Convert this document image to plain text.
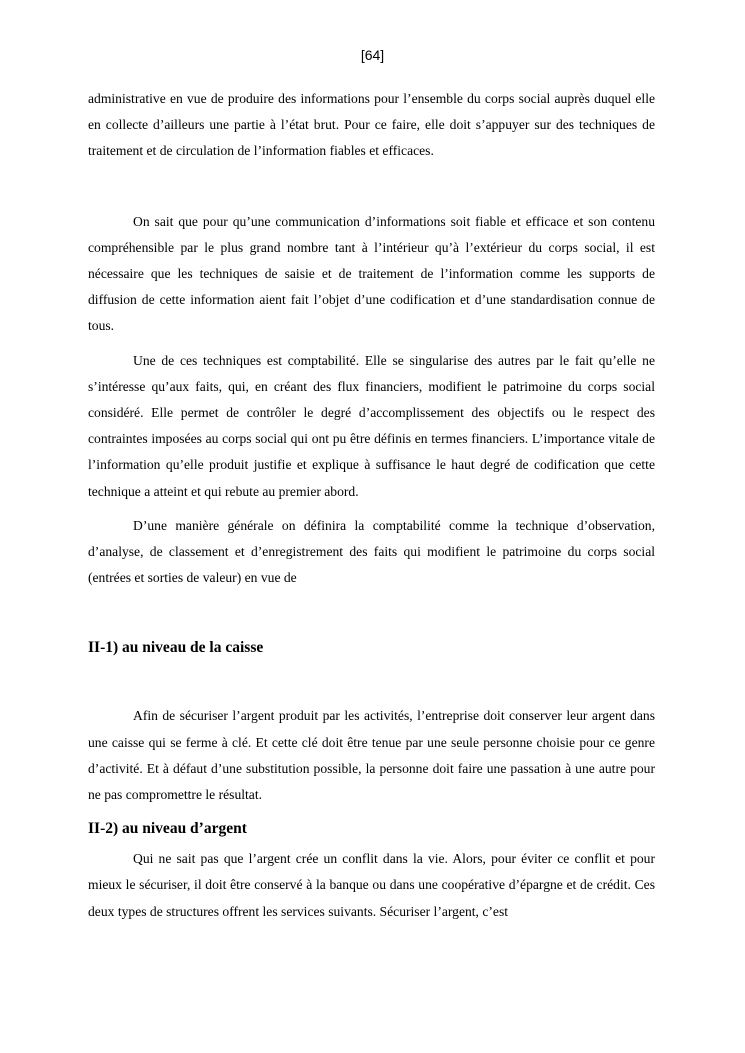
[64]

administrative en vue de produire des informations pour l’ensemble du corps social auprès duquel elle en collecte d’ailleurs une partie à l’état brut. Pour ce faire, elle doit s’appuyer sur des techniques de traitement et de circulation de l’information fiables et efficaces.

On sait que pour qu’une communication d’informations soit fiable et efficace et son contenu compréhensible par le plus grand nombre tant à l’intérieur qu’à l’extérieur du corps social, il est nécessaire que les techniques de saisie et de traitement de l’information comme les supports de diffusion de cette information aient fait l’objet d’une codification et d’une standardisation connue de tous.

Une de ces techniques est comptabilité. Elle se singularise des autres par le fait qu’elle ne s’intéresse qu’aux faits, qui, en créant des flux financiers, modifient le patrimoine du corps social considéré. Elle permet de contrôler le degré d’accomplissement des objectifs ou le respect des contraintes imposées au corps social qui ont pu être définis en termes financiers. L’importance vitale de l’information qu’elle produit justifie et explique à suffisance le haut degré de codification que cette technique a atteint et qui rebute au premier abord.

D’une manière générale on définira la comptabilité comme la technique d’observation, d’analyse, de classement et d’enregistrement des faits qui modifient le patrimoine du corps social (entrées et sorties de valeur) en vue de

II-1) au niveau de la caisse

Afin de sécuriser l’argent produit par les activités, l’entreprise doit conserver leur argent dans une caisse qui se ferme à clé. Et cette clé doit être tenue par une seule personne choisie pour ce genre d’activité. Et à défaut d’une substitution possible, la personne doit faire une passation à une autre pour ne pas compromettre le résultat.

II-2) au niveau d’argent

Qui ne sait pas que l’argent crée un conflit dans la vie. Alors, pour éviter ce conflit et pour mieux le sécuriser, il doit être conservé à la banque ou dans une coopérative d’épargne et de crédit. Ces deux types de structures offrent les services suivants. Sécuriser l’argent, c’est
